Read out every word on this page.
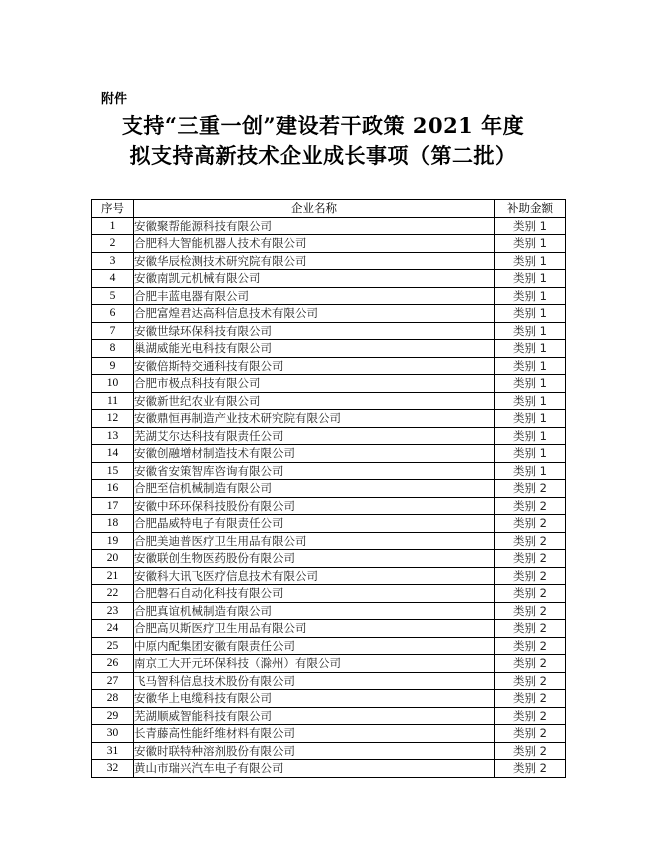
附件
支持“三重一创”建设若干政策 2021 年度
拟支持高新技术企业成长事项（第二批）
序号	企业名称	补助金额
1	安徽聚帮能源科技有限公司	类别 1
2	合肥科大智能机器人技术有限公司	类别 1
3	安徽华辰检测技术研究院有限公司	类别 1
4	安徽南凯元机械有限公司	类别 1
5	合肥丰蓝电器有限公司	类别 1
6	合肥富煌君达高科信息技术有限公司	类别 1
7	安徽世绿环保科技有限公司	类别 1
8	巢湖威能光电科技有限公司	类别 1
9	安徽倍斯特交通科技有限公司	类别 1
10	合肥市极点科技有限公司	类别 1
11	安徽新世纪农业有限公司	类别 1
12	安徽鼎恒再制造产业技术研究院有限公司	类别 1
13	芜湖艾尔达科技有限责任公司	类别 1
14	安徽创融增材制造技术有限公司	类别 1
15	安徽省安策智库咨询有限公司	类别 1
16	合肥至信机械制造有限公司	类别 2
17	安徽中环环保科技股份有限公司	类别 2
18	合肥晶威特电子有限责任公司	类别 2
19	合肥美迪普医疗卫生用品有限公司	类别 2
20	安徽联创生物医药股份有限公司	类别 2
21	安徽科大讯飞医疗信息技术有限公司	类别 2
22	合肥磐石自动化科技有限公司	类别 2
23	合肥真谊机械制造有限公司	类别 2
24	合肥高贝斯医疗卫生用品有限公司	类别 2
25	中原内配集团安徽有限责任公司	类别 2
26	南京工大开元环保科技（滁州）有限公司	类别 2
27	飞马智科信息技术股份有限公司	类别 2
28	安徽华上电缆科技有限公司	类别 2
29	芜湖顺威智能科技有限公司	类别 2
30	长青藤高性能纤维材料有限公司	类别 2
31	安徽时联特种溶剂股份有限公司	类别 2
32	黄山市瑞兴汽车电子有限公司	类别 2
